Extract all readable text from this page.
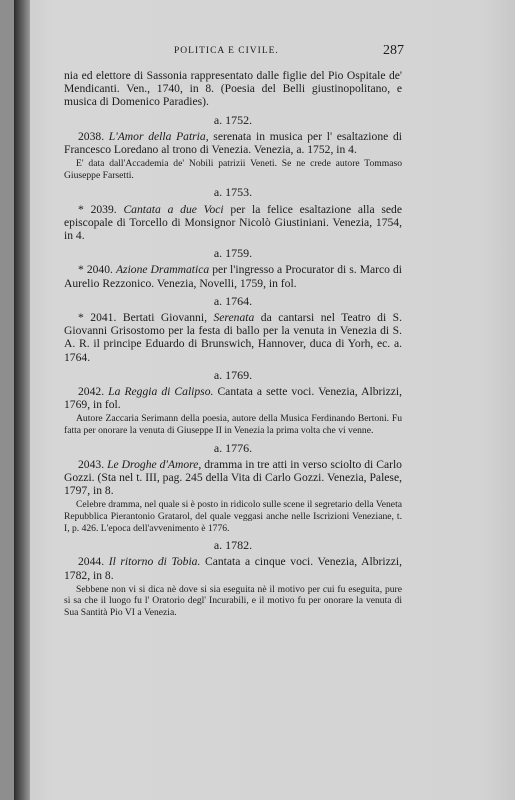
POLITICA E CIVILE.	287

nia ed elettore di Sassonia rappresentato dalle figlie del Pio Ospitale de' Mendicanti. Ven., 1740, in 8. (Poesia del Belli giustinopolitano, e musica di Domenico Paradies).

a. 1752.

2038. L'Amor della Patria, serenata in musica per l' esaltazione di Francesco Loredano al trono di Venezia. Venezia, a. 1752, in 4.

E' data dall'Accademia de' Nobili patrizii Veneti. Se ne crede autore Tommaso Giuseppe Farsetti.

a. 1753.

* 2039. Cantata a due Voci per la felice esaltazione alla sede episcopale di Torcello di Monsignor Nicolò Giustiniani. Venezia, 1754, in 4.

a. 1759.

* 2040. Azione Drammatica per l'ingresso a Procurator di s. Marco di Aurelio Rezzonico. Venezia, Novelli, 1759, in fol.

a. 1764.

* 2041. Bertati Giovanni, Serenata da cantarsi nel Teatro di S. Giovanni Grisostomo per la festa di ballo per la venuta in Venezia di S. A. R. il principe Eduardo di Brunswich, Hannover, duca di Yorh, ec. a. 1764.

a. 1769.

2042. La Reggia di Calipso. Cantata a sette voci. Venezia, Albrizzi, 1769, in fol.

Autore Zaccaria Serimann della poesia, autore della Musica Ferdinando Bertoni. Fu fatta per onorare la venuta di Giuseppe II in Venezia la prima volta che vi venne.

a. 1776.

2043. Le Droghe d'Amore, dramma in tre atti in verso sciolto di Carlo Gozzi. (Sta nel t. III, pag. 245 della Vita di Carlo Gozzi. Venezia, Palese, 1797, in 8.

Celebre dramma, nel quale si è posto in ridicolo sulle scene il segretario della Veneta Repubblica Pierantonio Gratarol, del quale veggasi anche nelle Iscrizioni Veneziane, t. I, p. 426. L'epoca dell'avvenimento è 1776.

a. 1782.

2044. Il ritorno di Tobia. Cantata a cinque voci. Venezia, Albrizzi, 1782, in 8.

Sebbene non vi si dica nè dove si sia eseguita nè il motivo per cui fu eseguita, pure si sa che il luogo fu l' Oratorio degl' Incurabili, e il motivo fu per onorare la venuta di Sua Santità Pio VI a Venezia.
